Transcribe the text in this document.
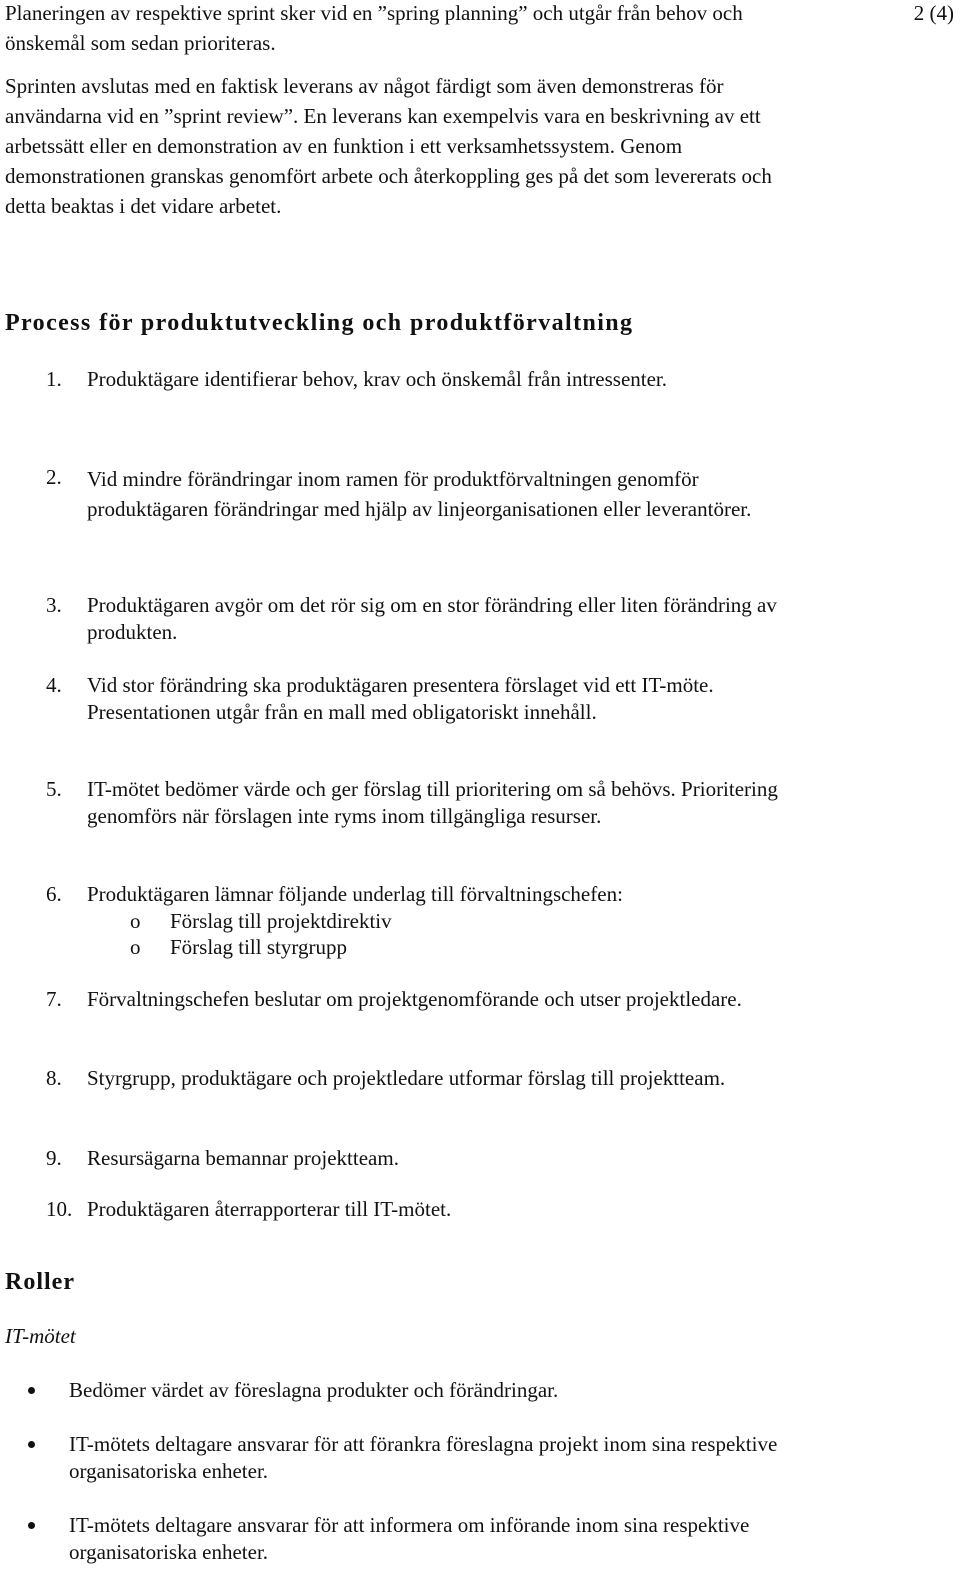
2 (4)

Planeringen av respektive sprint sker vid en ”spring planning” och utgår från behov och önskemål som sedan prioriteras.

Sprinten avslutas med en faktisk leverans av något färdigt som även demonstreras för användarna vid en ”sprint review”. En leverans kan exempelvis vara en beskrivning av ett arbetssätt eller en demonstration av en funktion i ett verksamhetssystem. Genom demonstrationen granskas genomfört arbete och återkoppling ges på det som levererats och detta beaktas i det vidare arbetet.

Process för produktutveckling och produktförvaltning
1.	Produktägare identifierar behov, krav och önskemål från intressenter.
2.	Vid mindre förändringar inom ramen för produktförvaltningen genomför produktägaren förändringar med hjälp av linjeorganisationen eller leverantörer.
3.	Produktägaren avgör om det rör sig om en stor förändring eller liten förändring av produkten.
4.	Vid stor förändring ska produktägaren presentera förslaget vid ett IT-möte. Presentationen utgår från en mall med obligatoriskt innehåll.
5.	IT-mötet bedömer värde och ger förslag till prioritering om så behövs. Prioritering genomförs när förslagen inte ryms inom tillgängliga resurser.
6.	Produktägaren lämnar följande underlag till förvaltningschefen:
o Förslag till projektdirektiv
o Förslag till styrgrupp
7.	Förvaltningschefen beslutar om projektgenomförande och utser projektledare.
8.	Styrgrupp, produktägare och projektledare utformar förslag till projektteam.
9.	Resursägarna bemannar projektteam.
10. Produktägaren återrapporterar till IT-mötet.
Roller
IT-mötet
Bedömer värdet av föreslagna produkter och förändringar.
IT-mötets deltagare ansvarar för att förankra föreslagna projekt inom sina respektive organisatoriska enheter.
IT-mötets deltagare ansvarar för att informera om införande inom sina respektive organisatoriska enheter.
